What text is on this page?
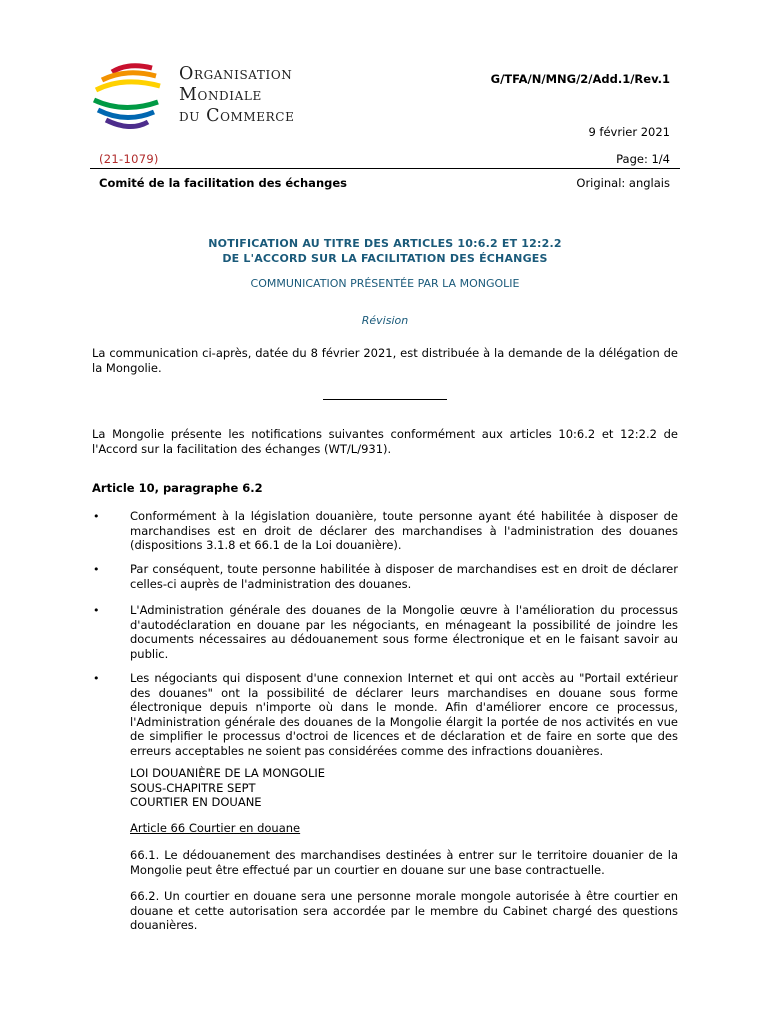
Organisation
Mondiale
du Commerce
G/TFA/N/MNG/2/Add.1/Rev.1
9 février 2021
(21-1079)	Page: 1/4
Comité de la facilitation des échanges	Original: anglais
NOTIFICATION AU TITRE DES ARTICLES 10:6.2 ET 12:2.2
DE L'ACCORD SUR LA FACILITATION DES ÉCHANGES
COMMUNICATION PRÉSENTÉE PAR LA MONGOLIE
Révision
La communication ci-après, datée du 8 février 2021, est distribuée à la demande de la délégation de la Mongolie.
La Mongolie présente les notifications suivantes conformément aux articles 10:6.2 et 12:2.2 de l'Accord sur la facilitation des échanges (WT/L/931).
Article 10, paragraphe 6.2
•	Conformément à la législation douanière, toute personne ayant été habilitée à disposer de marchandises est en droit de déclarer des marchandises à l'administration des douanes (dispositions 3.1.8 et 66.1 de la Loi douanière).
•	Par conséquent, toute personne habilitée à disposer de marchandises est en droit de déclarer celles-ci auprès de l'administration des douanes.
•	L'Administration générale des douanes de la Mongolie œuvre à l'amélioration du processus d'autodéclaration en douane par les négociants, en ménageant la possibilité de joindre les documents nécessaires au dédouanement sous forme électronique et en le faisant savoir au public.
•	Les négociants qui disposent d'une connexion Internet et qui ont accès au "Portail extérieur des douanes" ont la possibilité de déclarer leurs marchandises en douane sous forme électronique depuis n'importe où dans le monde. Afin d'améliorer encore ce processus, l'Administration générale des douanes de la Mongolie élargit la portée de nos activités en vue de simplifier le processus d'octroi de licences et de déclaration et de faire en sorte que des erreurs acceptables ne soient pas considérées comme des infractions douanières.
LOI DOUANIÈRE DE LA MONGOLIE
SOUS-CHAPITRE SEPT
COURTIER EN DOUANE
Article 66 Courtier en douane
66.1. Le dédouanement des marchandises destinées à entrer sur le territoire douanier de la Mongolie peut être effectué par un courtier en douane sur une base contractuelle.
66.2. Un courtier en douane sera une personne morale mongole autorisée à être courtier en douane et cette autorisation sera accordée par le membre du Cabinet chargé des questions douanières.
